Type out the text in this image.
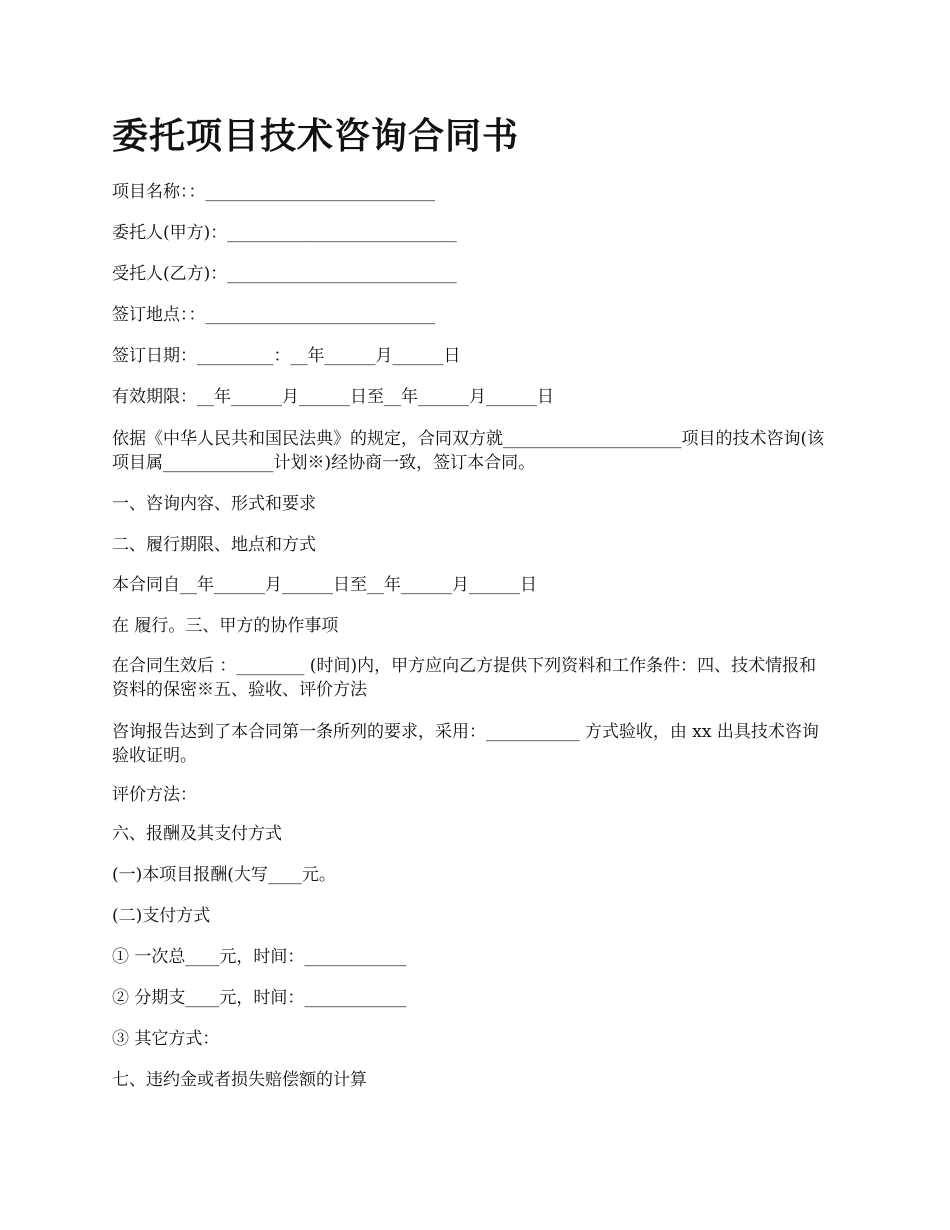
委托项目技术咨询合同书
项目名称：：___________________________
委托人(甲方)：___________________________
受托人(乙方)：___________________________
签订地点：：___________________________
签订日期：_________：__年______月______日
有效期限：__年______月______日至__年______月______日
依据《中华人民共和国民法典》的规定，合同双方就_____________________项目的技术咨询(该项目属_____________计划※)经协商一致，签订本合同。
一、咨询内容、形式和要求
二、履行期限、地点和方式
本合同自__年______月______日至__年______月______日
在 履行。三、甲方的协作事项
在合同生效后 ：________ (时间)内，甲方应向乙方提供下列资料和工作条件：四、技术情报和资料的保密※五、验收、评价方法
咨询报告达到了本合同第一条所列的要求，采用：___________ 方式验收，由 xx 出具技术咨询验收证明。
评价方法：
六、报酬及其支付方式
(一)本项目报酬(大写____元。
(二)支付方式
① 一次总____元，时间：____________
② 分期支____元，时间：____________
③ 其它方式：
七、违约金或者损失赔偿额的计算
